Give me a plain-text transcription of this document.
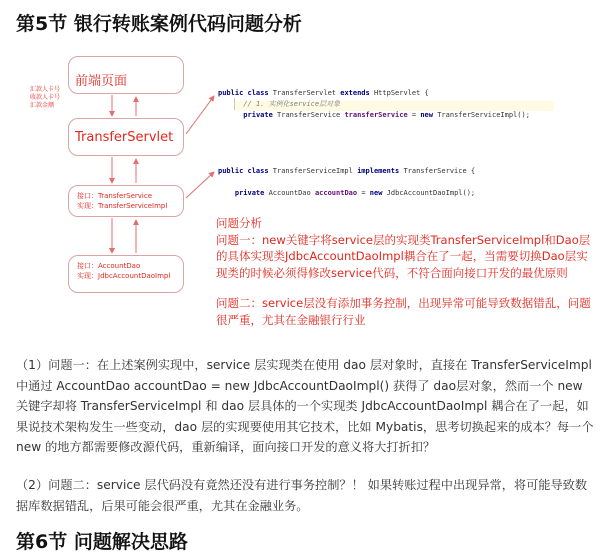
第5节 银行转账案例代码问题分析
汇款人卡号
收款人卡号
汇款金额
前端页面
TransferServlet
接口：TransferService
实现：TransferServiceImpl
接口：AccountDao
实现：JdbcAccountDaoImpl
public class TransferServlet extends HttpServlet {
// 1. 实例化service层对象
private TransferService transferService = new TransferServiceImpl();
public class TransferServiceImpl implements TransferService {

private AccountDao accountDao = new JdbcAccountDaoImpl();

问题分析

问题一：new关键字将service层的实现类TransferServiceImpl和Dao层的具体实现类JdbcAccountDaoImpl耦合在了一起，当需要切换Dao层实现类的时候必须得修改service代码，不符合面向接口开发的最优原则

问题二：service层没有添加事务控制，出现异常可能导致数据错乱，问题很严重，尤其在金融银行行业

（1）问题一：在上述案例实现中，service 层实现类在使用 dao 层对象时，直接在 TransferServiceImpl 中通过 AccountDao accountDao = new JdbcAccountDaoImpl() 获得了 dao层对象，然而一个 new 关键字却将 TransferServiceImpl 和 dao 层具体的一个实现类 JdbcAccountDaoImpl 耦合在了一起，如果说技术架构发生一些变动，dao 层的实现要使用其它技术，比如 Mybatis，思考切换起来的成本？每一个 new 的地方都需要修改源代码，重新编译，面向接口开发的意义将大打折扣？
（2）问题二：service 层代码没有竟然还没有进行事务控制？！ 如果转账过程中出现异常，将可能导致数据库数据错乱，后果可能会很严重，尤其在金融业务。
第6节 问题解决思路
